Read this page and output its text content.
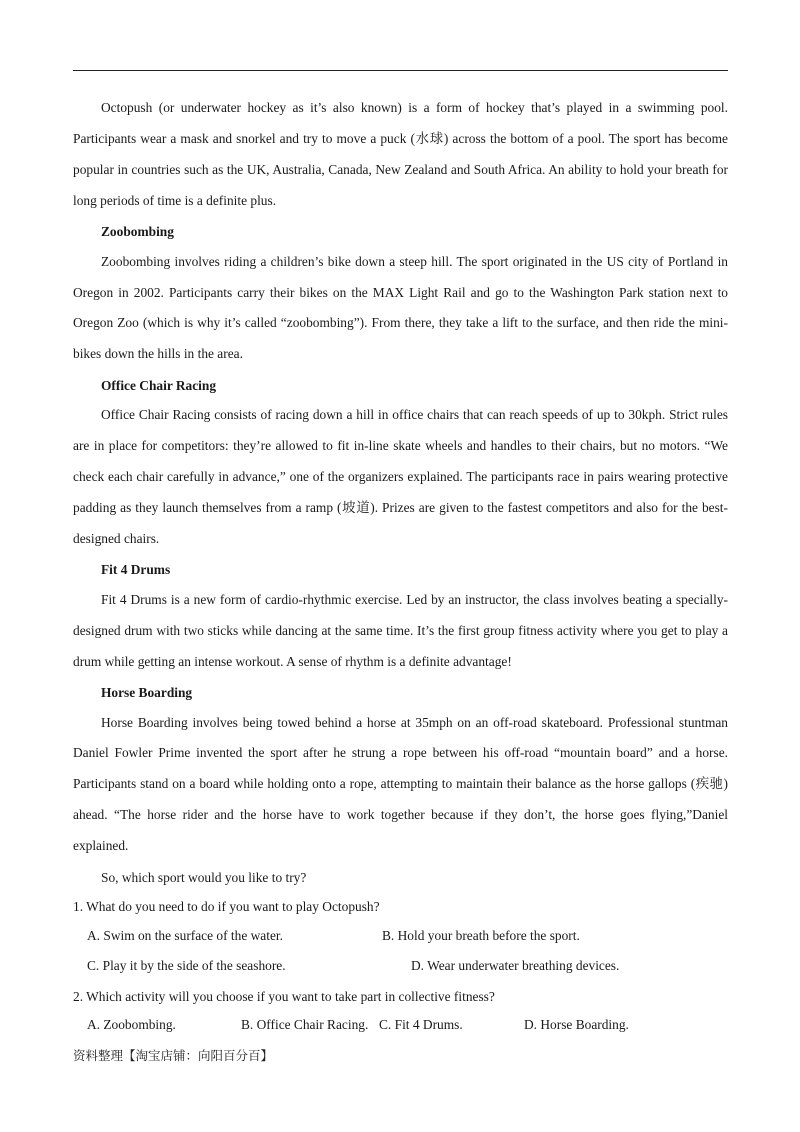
Octopush (or underwater hockey as it’s also known) is a form of hockey that’s played in a swimming pool. Participants wear a mask and snorkel and try to move a puck (水球) across the bottom of a pool. The sport has become popular in countries such as the UK, Australia, Canada, New Zealand and South Africa. An ability to hold your breath for long periods of time is a definite plus.

Zoobombing

Zoobombing involves riding a children’s bike down a steep hill. The sport originated in the US city of Portland in Oregon in 2002. Participants carry their bikes on the MAX Light Rail and go to the Washington Park station next to Oregon Zoo (which is why it’s called “zoobombing”). From there, they take a lift to the surface, and then ride the mini-bikes down the hills in the area.

Office Chair Racing

Office Chair Racing consists of racing down a hill in office chairs that can reach speeds of up to 30kph. Strict rules are in place for competitors: they’re allowed to fit in-line skate wheels and handles to their chairs, but no motors. “We check each chair carefully in advance,” one of the organizers explained. The participants race in pairs wearing protective padding as they launch themselves from a ramp (坡道). Prizes are given to the fastest competitors and also for the best-designed chairs.

Fit 4 Drums

Fit 4 Drums is a new form of cardio-rhythmic exercise. Led by an instructor, the class involves beating a specially-designed drum with two sticks while dancing at the same time. It’s the first group fitness activity where you get to play a drum while getting an intense workout. A sense of rhythm is a definite advantage!

Horse Boarding

Horse Boarding involves being towed behind a horse at 35mph on an off-road skateboard. Professional stuntman Daniel Fowler Prime invented the sport after he strung a rope between his off-road “mountain board” and a horse. Participants stand on a board while holding onto a rope, attempting to maintain their balance as the horse gallops (疾驰) ahead. “The horse rider and the horse have to work together because if they don’t, the horse goes flying,”Daniel explained.

So, which sport would you like to try?

1. What do you need to do if you want to play Octopush?

A. Swim on the surface of the water.	B. Hold your breath before the sport.
C. Play it by the side of the seashore.	D. Wear underwater breathing devices.

2. Which activity will you choose if you want to take part in collective fitness?

A. Zoobombing.	B. Office Chair Racing. C. Fit 4 Drums.	D. Horse Boarding.
资料整理【淘宝店铺：向阳百分百】
